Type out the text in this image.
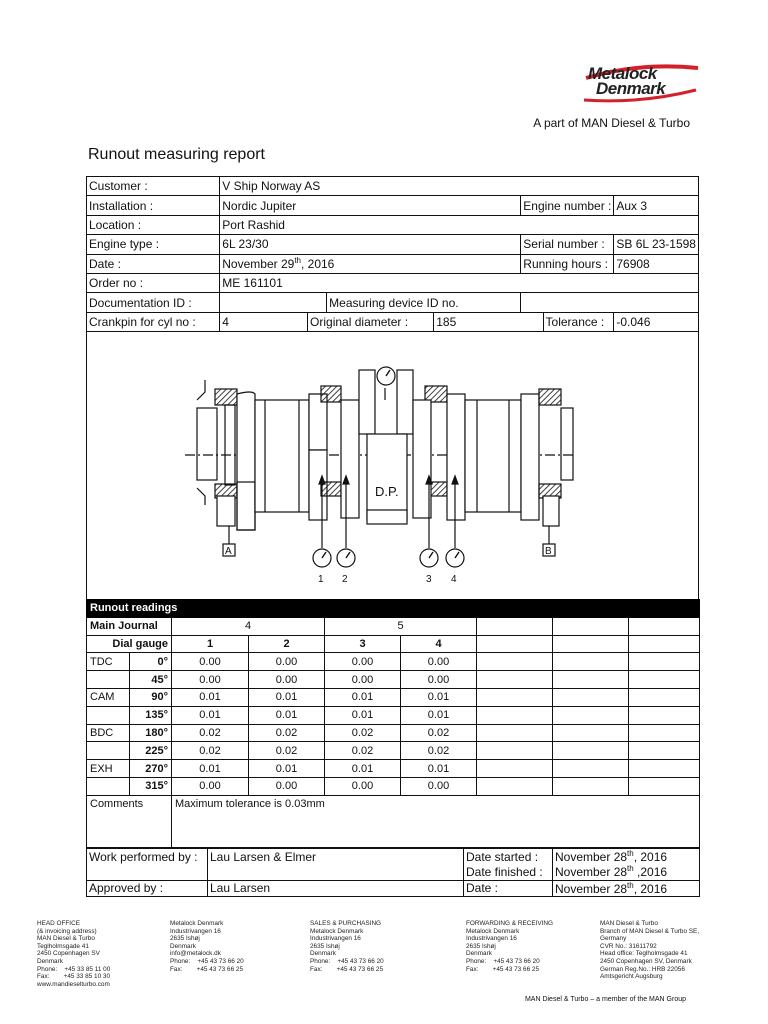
Metalock
Denmark
A part of MAN Diesel & Turbo
Runout measuring report
Customer :	V Ship Norway AS						
Installation :	Nordic Jupiter				Engine number :		Aux 3
Location :	Port Rashid						
Engine type :	6L 23/30				Serial number :		SB 6L 23-1598
Date :	November 29th, 2016				Running hours :		76908
Order no :	ME 161101						
Documentation ID :			Measuring device ID no.				
Crankpin for cyl no :	4	Original diameter :		185		Tolerance :	-0.046
D.P.
A	B
1 2	3 4
Runout readings								
Main Journal		4		5				
Dial gauge		1	2	3	4			
TDC	0°	0.00	0.00	0.00	0.00			
	45°	0.00	0.00	0.00	0.00			
CAM	90°	0.01	0.01	0.01	0.01			
	135°	0.01	0.01	0.01	0.01			
BDC	180°	0.02	0.02	0.02	0.02			
	225°	0.02	0.02	0.02	0.02			
EXH	270°	0.01	0.01	0.01	0.01			
	315°	0.00	0.00	0.00	0.00			
Comments		Maximum tolerance is 0.03mm						
Work performed by :	Lau Larsen & Elmer	Date started :	November 28th, 2016
		Date finished :	November 28th ,2016
Approved by :	Lau Larsen	Date :	November 28th, 2016
HEAD OFFICE
(& invoicing address)
MAN Diesel & Turbo
Teglholmsgade 41
2450 Copenhagen SV
Denmark
Phone:    +45 33 85 11 00
Fax:        +45 33 85 10 30
www.mandieselturbo.com
Metalock Denmark
Industrivangen 16
2635 Ishøj
Denmark
info@metalock.dk
Phone:    +45 43 73 66 20
Fax:        +45 43 73 66 25
SALES & PURCHASING
Metalock Denmark
Industrivangen 16
2635 Ishøj
Denmark
Phone:    +45 43 73 66 20
Fax:        +45 43 73 66 25
FORWARDING & RECEIVING
Metalock Denmark
Industrivangen 16
2635 Ishøj
Denmark
Phone:    +45 43 73 66 20
Fax:        +45 43 73 66 25
MAN Diesel & Turbo
Branch of MAN Diesel & Turbo SE,
Germany
CVR No.: 31611792
Head office: Teglholmsgade 41
2450 Copenhagen SV, Denmark
German Reg.No.: HRB 22056
Amtsgericht Augsburg
MAN Diesel & Turbo – a member of the MAN Group
